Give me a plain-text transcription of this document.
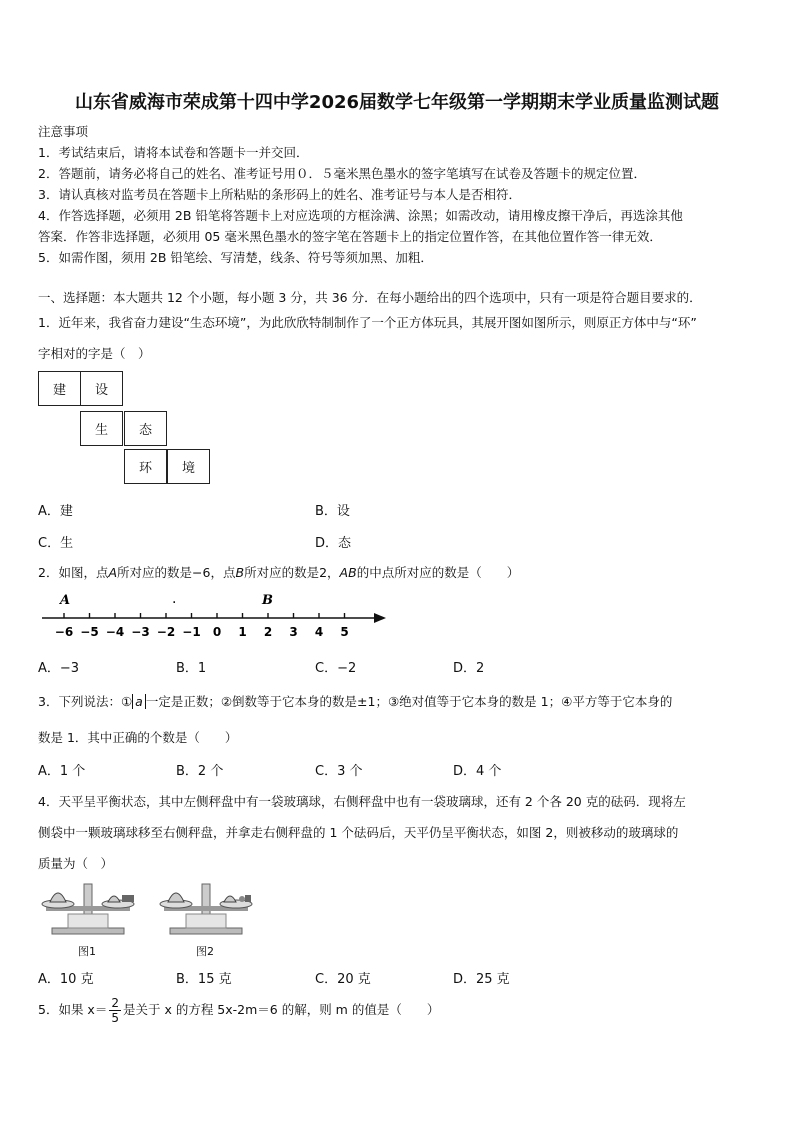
山东省威海市荣成第十四中学2026届数学七年级第一学期期末学业质量监测试题
注意事项
1．考试结束后，请将本试卷和答题卡一并交回．
2．答题前，请务必将自己的姓名、准考证号用０．５毫米黑色墨水的签字笔填写在试卷及答题卡的规定位置．
3．请认真核对监考员在答题卡上所粘贴的条形码上的姓名、准考证号与本人是否相符．
4．作答选择题，必须用 2B 铅笔将答题卡上对应选项的方框涂满、涂黑；如需改动，请用橡皮擦干净后，再选涂其他
答案．作答非选择题，必须用 05 毫米黑色墨水的签字笔在答题卡上的指定位置作答，在其他位置作答一律无效．
5．如需作图，须用 2B 铅笔绘、写清楚，线条、符号等须加黑、加粗．
一、选择题：本大题共 12 个小题，每小题 3 分，共 36 分．在每小题给出的四个选项中，只有一项是符合题目要求的．
1．近年来，我省奋力建设“生态环境”，为此欣欣特制制作了一个正方体玩具，其展开图如图所示，则原正方体中与“环”
字相对的字是（　）
建	设
生	态
环	境
A．建	B．设
C．生	D．态
2．如图，点A所对应的数是−6，点B所对应的数是2，AB的中点所对应的数是（　　）
−6 −5 −4 −3 −2 −1 0 1 2 3 4 5
A	B
·
A．−3	B．1	C．−2	D．2
3．下列说法：① a 一定是正数；②倒数等于它本身的数是±1；③绝对值等于它本身的数是 1；④平方等于它本身的
数是 1．其中正确的个数是（　　）
A．1 个	B．2 个	C．3 个	D．4 个
4．天平呈平衡状态，其中左侧秤盘中有一袋玻璃球，右侧秤盘中也有一袋玻璃球，还有 2 个各 20 克的砝码．现将左
侧袋中一颗玻璃球移至右侧秤盘，并拿走右侧秤盘的 1 个砝码后，天平仍呈平衡状态，如图 2，则被移动的玻璃球的
质量为（　）
图1	图2
A．10 克	B．15 克	C．20 克	D．25 克
5．如果 $x= \frac{2}{5}$ 是关于 x 的方程 5x-2m＝6 的解，则 m 的值是（　　）
